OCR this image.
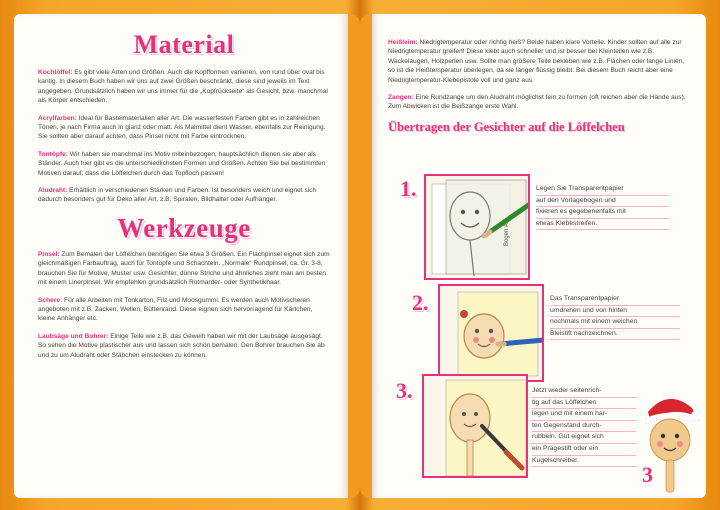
Material

Kochlöffel: Es gibt viele Arten und Größen. Auch die Kopfformen variieren, von rund über oval bis kantig. In diesem Buch haben wir uns auf zwei Größen beschränkt, diese sind jeweils im Text angegeben. Grundsätzlich haben wir uns immer für die „Kopfrückseite“ als Gesicht, bzw. manchmal als Körper entschieden.

Acrylfarben: Ideal für Bastelmaterialien aller Art. Die wasserfesten Farben gibt es in zahlreichen Tönen, je nach Firma auch in glanz oder matt. Als Malmittel dient Wasser, ebenfalls zur Reinigung. Sie sollten aber darauf achten, dass Pinsel nicht mit Farbe eintrocknen.

Tontöpfe: Wir haben sie manchmal ins Motiv miteinbezogen, hauptsächlich dienen sie aber als Ständer. Auch hier gibt es die unterschiedlichsten Formen und Größen. Achten Sie bei bestimmten Motiven darauf, dass die Löffelchen durch das Topfloch passen!

Aludraht: Erhältlich in verschiedenen Stärken und Farben. Ist besonders weich und eignet sich dadurch besonders gut für Deko aller Art, z.B. Spiralen, Bildhalter oder Aufhänger.

Werkzeuge

Pinsel: Zum Bemalen der Löffelchen benötigen Sie etwa 3 Größen. Ein Flachpinsel eignet sich zum gleichmäßigen Farbauftrag, auch für Tontöpfe und Schachteln. „Normale“ Rundpinsel, ca. Gr. 3-8, brauchen Sie für Motive, Muster usw. Gesichter, dünne Striche und ähnliches zieht man am besten mit einem Linerpinsel. Wir empfehlen grundsätzlich Rotmarder- oder Synthetikhaar.

Schere: Für alle Arbeiten mit Tonkarton, Filz und Moosgummi. Es werden auch Motivscheren angeboten mit z.B. Zacken, Wellen, Büttenrand. Diese eignen sich hervorragend für Kärtchen, kleine Anhänger etc.

Laubsäge und Bohrer: Einige Teile wie z.B. das Geweih haben wir mit der Laubsäge ausgesägt. So sehen die Motive plastischer aus und lassen sich schön bemalen. Den Bohrer brauchen Sie ab und zu um Aludraht oder Stäbchen einstecken zu können.

Heißleim: Niedrigtemperatur oder richtig heiß? Beide haben klare Vorteile. Kinder sollten auf alle zur Niedrigtemperatur greifen! Diese klebt auch schneller und ist besser bei Kleinteilen wie z.B. Wackelaugen, Holzperlen usw. Sollte man größere Teile bekleben wie z.B. Flächen oder lange Linien, so ist die Heißtemperatur überlegen, da sie länger flüssig bleibt. Bei diesem Buch reicht aber eine Niedrigtemperatur-Klebepistole voll und ganz aus.

Zangen: Eine Rundzange um den Aludraht möglichst fein zu formen (oft reichen aber die Hände aus). Zum Abwicken ist die Beißzange erste Wahl.

Übertragen der Gesichter auf die Löffelchen
1.
Bogen A
Legen Sie Transparentpapier
auf den Vorlagebogen und
fixieren es gegebenenfalls mit
etwas Klebestreifen.
2.	Das Transparentpapier
umdrehen und von hinten
nochmals mit einem weichen
Bleistift nachzeichnen.
3.	Jetzt wieder seitenrich-
tig auf das Löffelchen
legen und mit einem har-
ten Gegenstand durch-
rubbeln. Gut eignet sich
ein Prägestift oder ein
Kugelschreiber.
3
